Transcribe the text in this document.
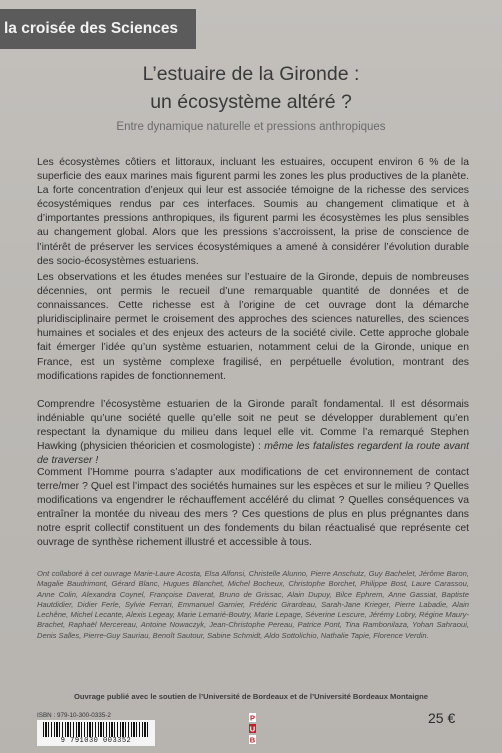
la croisée des Sciences
L’estuaire de la Gironde :
un écosystème altéré ?
Entre dynamique naturelle et pressions anthropiques

Les écosystèmes côtiers et littoraux, incluant les estuaires, occupent environ 6 % de la superficie des eaux marines mais figurent parmi les zones les plus productives de la planète. La forte concentration d’enjeux qui leur est associée témoigne de la richesse des services écosystémiques rendus par ces interfaces. Soumis au changement climatique et à d’importantes pressions anthropiques, ils figurent parmi les écosystèmes les plus sensibles au changement global. Alors que les pressions s’accroissent, la prise de conscience de l’intérêt de préserver les services écosystémiques a amené à considérer l’évolution durable des socio-écosystèmes estuariens.

Les observations et les études menées sur l’estuaire de la Gironde, depuis de nombreuses décennies, ont permis le recueil d’une remarquable quantité de données et de connaissances. Cette richesse est à l’origine de cet ouvrage dont la démarche pluridisciplinaire permet le croisement des approches des sciences naturelles, des sciences humaines et sociales et des enjeux des acteurs de la société civile. Cette approche globale fait émerger l’idée qu’un système estuarien, notamment celui de la Gironde, unique en France, est un système complexe fragilisé, en perpétuelle évolution, montrant des modifications rapides de fonctionnement.

Comprendre l’écosystème estuarien de la Gironde paraît fondamental. Il est désormais indéniable qu’une société quelle qu’elle soit ne peut se développer durablement qu’en respectant la dynamique du milieu dans lequel elle vit. Comme l’a remarqué Stephen Hawking (physicien théoricien et cosmologiste) : même les fatalistes regardent la route avant de traverser !

Comment l’Homme pourra s’adapter aux modifications de cet environnement de contact terre/mer ? Quel est l’impact des sociétés humaines sur les espèces et sur le milieu ? Quelles modifications va engendrer le réchauffement accéléré du climat ? Quelles conséquences va entraîner la montée du niveau des mers ? Ces questions de plus en plus prégnantes dans notre esprit collectif constituent un des fondements du bilan réactualisé que représente cet ouvrage de synthèse richement illustré et accessible à tous.

Ont collaboré à cet ouvrage Marie-Laure Acosta, Elsa Alfonsi, Christelle Alunno, Pierre Anschutz, Guy Bachelet, Jérôme Baron, Magalie Baudrimont, Gérard Blanc, Hugues Blanchet, Michel Bocheux, Christophe Borchet, Philippe Bost, Laure Carassou, Anne Colin, Alexandra Coynel, Françoise Daverat, Bruno de Grissac, Alain Dupuy, Bilce Ephrem, Anne Gassiat, Baptiste Hautdidier, Didier Ferle, Sylvie Ferrari, Emmanuel Garnier, Frédéric Girardeau, Sarah-Jane Krieger, Pierre Labadie, Alain Lechêne, Michel Lecante, Alexis Legeay, Marie Lemarié-Boutry, Marie Lepage, Séverine Lescure, Jérémy Lobry, Régine Maury-Brachet, Raphaël Mercereau, Antoine Nowaczyk, Jean-Christophe Pereau, Patrice Pont, Tina Rambonilaza, Yohan Sahraoui, Denis Salles, Pierre-Guy Sauriau, Benoît Sautour, Sabine Schmidt, Aldo Sottolichio, Nathalie Tapie, Florence Verdin.
Ouvrage publié avec le soutien de l’Université de Bordeaux et de l’Université Bordeaux Montaigne
ISBN : 979-10-300-0335-2
9 791030 003352
P
U
B
25 €
